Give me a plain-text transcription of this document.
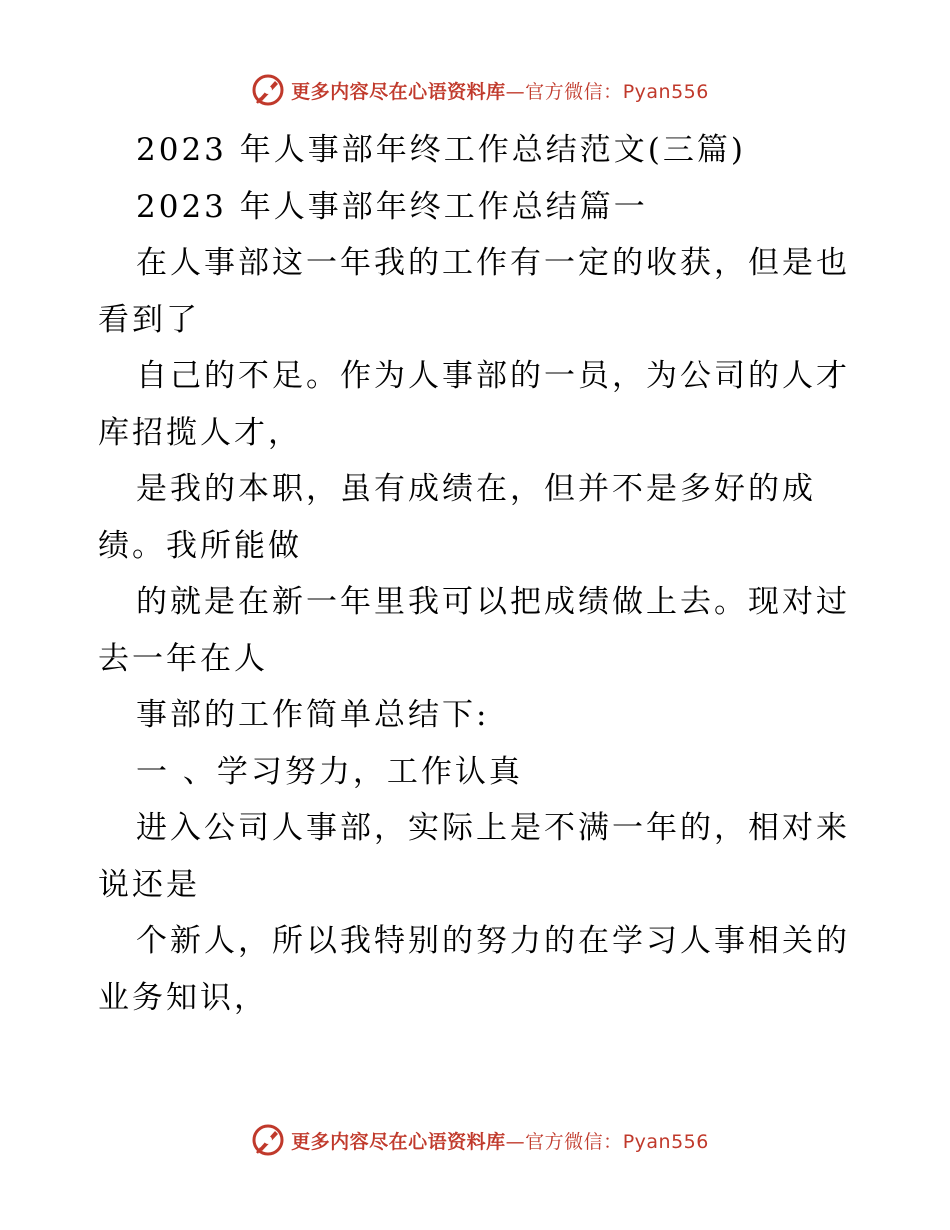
更多内容尽在心语资料库—官方微信：Pyan556
2023 年人事部年终工作总结范文(三篇)
2023 年人事部年终工作总结篇一
在人事部这一年我的工作有一定的收获，但是也
看到了
自己的不足。作为人事部的一员，为公司的人才
库招揽人才，
是我的本职，虽有成绩在，但并不是多好的成
绩。我所能做
的就是在新一年里我可以把成绩做上去。现对过
去一年在人
事部的工作简单总结下:
一 、学习努力，工作认真
进入公司人事部，实际上是不满一年的，相对来
说还是
个新人，所以我特别的努力的在学习人事相关的
业务知识，
更多内容尽在心语资料库—官方微信：Pyan556
